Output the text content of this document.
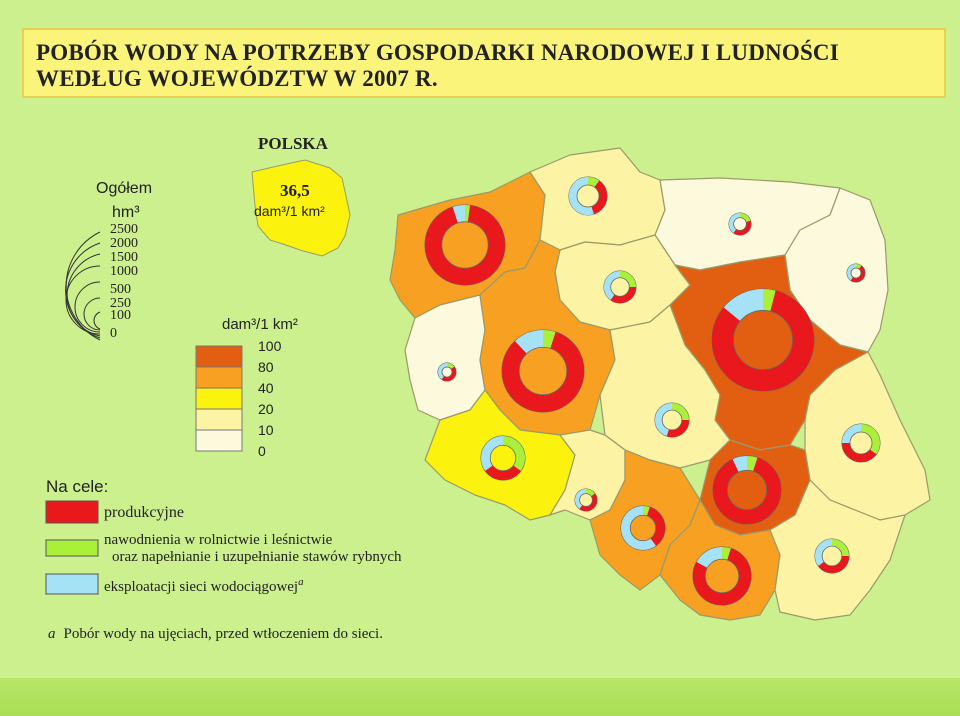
POBÓR WODY NA POTRZEBY GOSPODARKI NARODOWEJ I LUDNOŚCI
WEDŁUG WOJEWÓDZTW W 2007 R.
POLSKA
36,5
dam³/1 km²
Ogółem
hm³
2500
2000
1500
1000
500
250
100
0
dam³/1 km²
100
80
40
20
10
0
Na cele:
produkcyjne
nawodnienia w rolnictwie i leśnictwie
oraz napełnianie i uzupełnianie stawów rybnych
eksploatacji sieci wodociągowej$^a$
a Pobór wody na ujęciach, przed wtłoczeniem do sieci.
